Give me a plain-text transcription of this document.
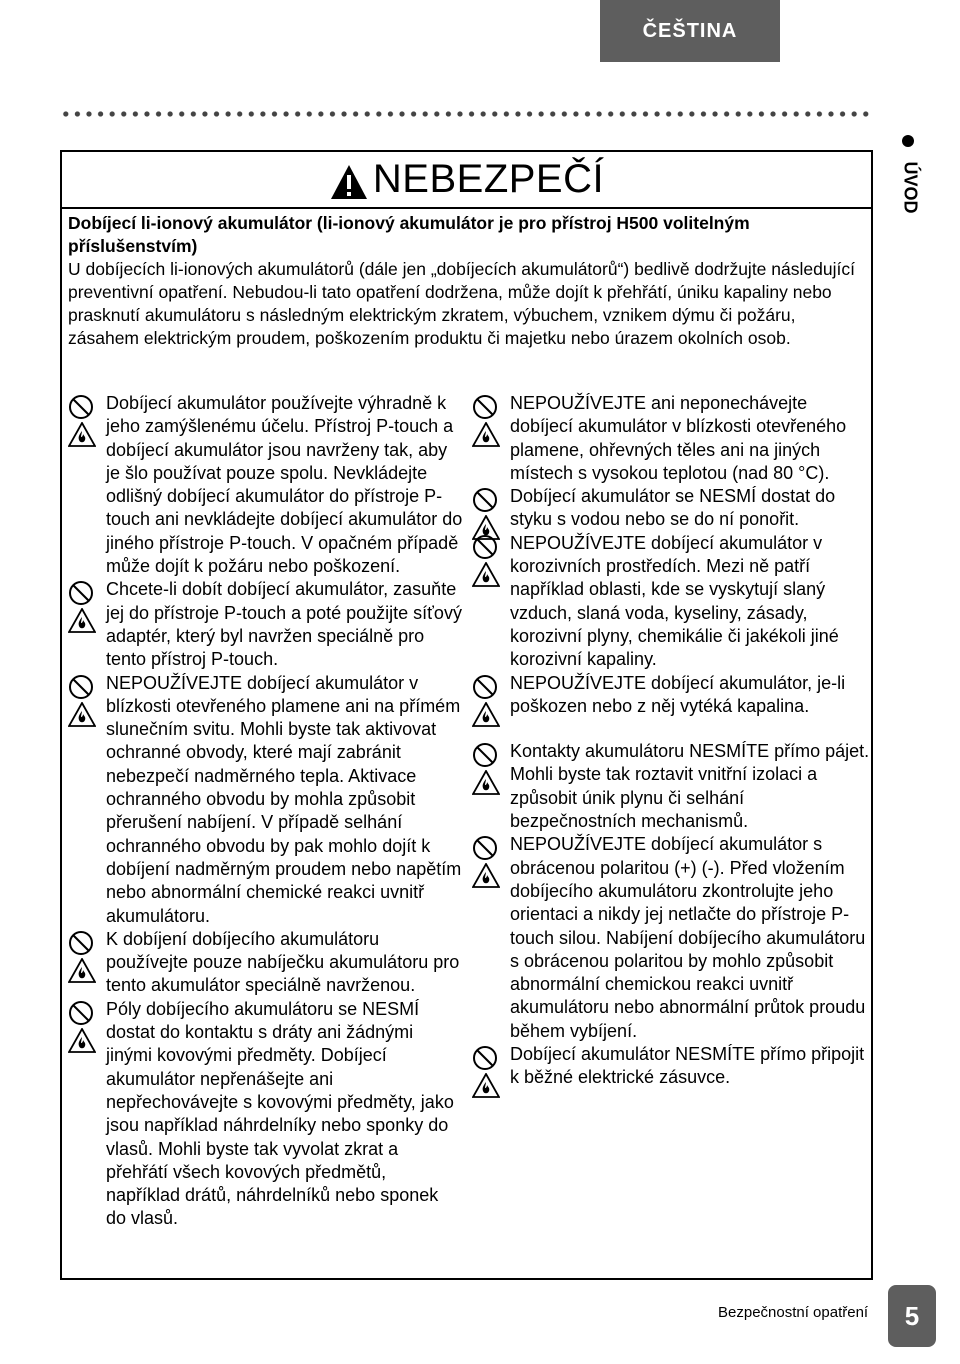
ČEŠTINA
ÚVOD
NEBEZPEČÍ
Dobíjecí li-ionový akumulátor (li-ionový akumulátor je pro přístroj H500 volitelným příslušenstvím)
U dobíjecích li-ionových akumulátorů (dále jen „dobíjecích akumulátorů“) bedlivě dodržujte následující preventivní opatření. Nebudou-li tato opatření dodržena, může dojít k přehřátí, úniku kapaliny nebo prasknutí akumulátoru s následným elektrickým zkratem, výbuchem, vznikem dýmu či požáru, zásahem elektrickým proudem, poškozením produktu či majetku nebo úrazem okolních osob.
Dobíjecí akumulátor používejte výhradně k jeho zamýšlenému účelu. Přístroj P-touch a dobíjecí akumulátor jsou navrženy tak, aby je šlo používat pouze spolu. Nevkládejte odlišný dobíjecí akumulátor do přístroje P-touch ani nevkládejte dobíjecí akumulátor do jiného přístroje P-touch. V opačném případě může dojít k požáru nebo poškození.
Chcete-li dobít dobíjecí akumulátor, zasuňte jej do přístroje P-touch a poté použijte síťový adaptér, který byl navržen speciálně pro tento přístroj P-touch.
NEPOUŽÍVEJTE dobíjecí akumulátor v blízkosti otevřeného plamene ani na přímém slunečním svitu. Mohli byste tak aktivovat ochranné obvody, které mají zabránit nebezpečí nadměrného tepla. Aktivace ochranného obvodu by mohla způsobit přerušení nabíjení. V případě selhání ochranného obvodu by pak mohlo dojít k dobíjení nadměrným proudem nebo napětím nebo abnormální chemické reakci uvnitř akumulátoru.
K dobíjení dobíjecího akumulátoru používejte pouze nabíječku akumulátoru pro tento akumulátor speciálně navrženou.
Póly dobíjecího akumulátoru se NESMÍ dostat do kontaktu s dráty ani žádnými jinými kovovými předměty. Dobíjecí akumulátor nepřenášejte ani nepřechovávejte s kovovými předměty, jako jsou například náhrdelníky nebo sponky do vlasů. Mohli byste tak vyvolat zkrat a přehřátí všech kovových předmětů, například drátů, náhrdelníků nebo sponek do vlasů.
NEPOUŽÍVEJTE ani neponechávejte dobíjecí akumulátor v blízkosti otevřeného plamene, ohřevných těles ani na jiných místech s vysokou teplotou (nad 80 °C).
Dobíjecí akumulátor se NESMÍ dostat do styku s vodou nebo se do ní ponořit.
NEPOUŽÍVEJTE dobíjecí akumulátor v korozivních prostředích. Mezi ně patří například oblasti, kde se vyskytují slaný vzduch, slaná voda, kyseliny, zásady, korozivní plyny, chemikálie či jakékoli jiné korozivní kapaliny.
NEPOUŽÍVEJTE dobíjecí akumulátor, je-li poškozen nebo z něj vytéká kapalina.
Kontakty akumulátoru NESMÍTE přímo pájet. Mohli byste tak roztavit vnitřní izolaci a způsobit únik plynu či selhání bezpečnostních mechanismů.
NEPOUŽÍVEJTE dobíjecí akumulátor s obrácenou polaritou (+) (-). Před vložením dobíjecího akumulátoru zkontrolujte jeho orientaci a nikdy jej netlačte do přístroje P-touch silou. Nabíjení dobíjecího akumulátoru s obrácenou polaritou by mohlo způsobit abnormální chemickou reakci uvnitř akumulátoru nebo abnormální průtok proudu během vybíjení.
Dobíjecí akumulátor NESMÍTE přímo připojit k běžné elektrické zásuvce.
Bezpečnostní opatření 5
